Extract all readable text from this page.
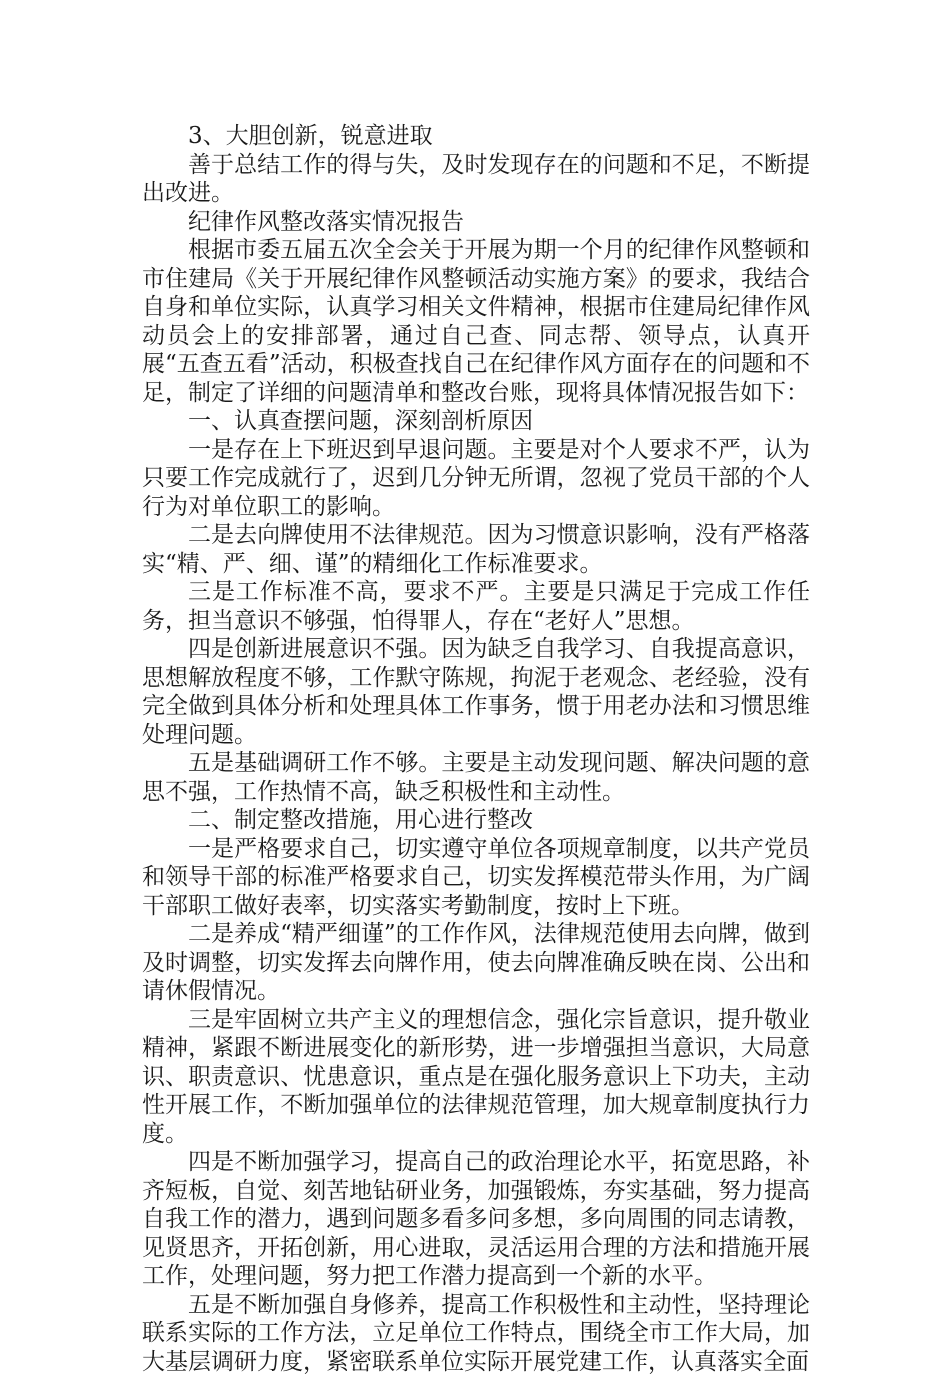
3、大胆创新，锐意进取

善于总结工作的得与失，及时发现存在的问题和不足，不断提出改进。

纪律作风整改落实情况报告

根据市委五届五次全会关于开展为期一个月的纪律作风整顿和市住建局《关于开展纪律作风整顿活动实施方案》的要求，我结合自身和单位实际，认真学习相关文件精神，根据市住建局纪律作风动员会上的安排部署，通过自己查、同志帮、领导点，认真开展“五查五看”活动，积极查找自己在纪律作风方面存在的问题和不足，制定了详细的问题清单和整改台账，现将具体情况报告如下：

一、认真查摆问题，深刻剖析原因

一是存在上下班迟到早退问题。主要是对个人要求不严，认为只要工作完成就行了，迟到几分钟无所谓，忽视了党员干部的个人行为对单位职工的影响。

二是去向牌使用不法律规范。因为习惯意识影响，没有严格落实“精、严、细、谨”的精细化工作标准要求。

三是工作标准不高，要求不严。主要是只满足于完成工作任务，担当意识不够强，怕得罪人，存在“老好人”思想。

四是创新进展意识不强。因为缺乏自我学习、自我提高意识，思想解放程度不够，工作默守陈规，拘泥于老观念、老经验，没有完全做到具体分析和处理具体工作事务，惯于用老办法和习惯思维处理问题。

五是基础调研工作不够。主要是主动发现问题、解决问题的意思不强，工作热情不高，缺乏积极性和主动性。

二、制定整改措施，用心进行整改

一是严格要求自己，切实遵守单位各项规章制度，以共产党员和领导干部的标准严格要求自己，切实发挥模范带头作用，为广阔干部职工做好表率，切实落实考勤制度，按时上下班。

二是养成“精严细谨”的工作作风，法律规范使用去向牌，做到及时调整，切实发挥去向牌作用，使去向牌准确反映在岗、公出和请休假情况。

三是牢固树立共产主义的理想信念，强化宗旨意识，提升敬业精神，紧跟不断进展变化的新形势，进一步增强担当意识，大局意识、职责意识、忧患意识，重点是在强化服务意识上下功夫，主动性开展工作，不断加强单位的法律规范管理，加大规章制度执行力度。

四是不断加强学习，提高自己的政治理论水平，拓宽思路，补齐短板，自觉、刻苦地钻研业务，加强锻炼，夯实基础，努力提高自我工作的潜力，遇到问题多看多问多想，多向周围的同志请教，见贤思齐，开拓创新，用心进取，灵活运用合理的方法和措施开展工作，处理问题，努力把工作潜力提高到一个新的水平。

五是不断加强自身修养，提高工作积极性和主动性，坚持理论联系实际的工作方法，立足单位工作特点，围绕全市工作大局，加大基层调研力度，紧密联系单位实际开展党建工作，认真落实全面
